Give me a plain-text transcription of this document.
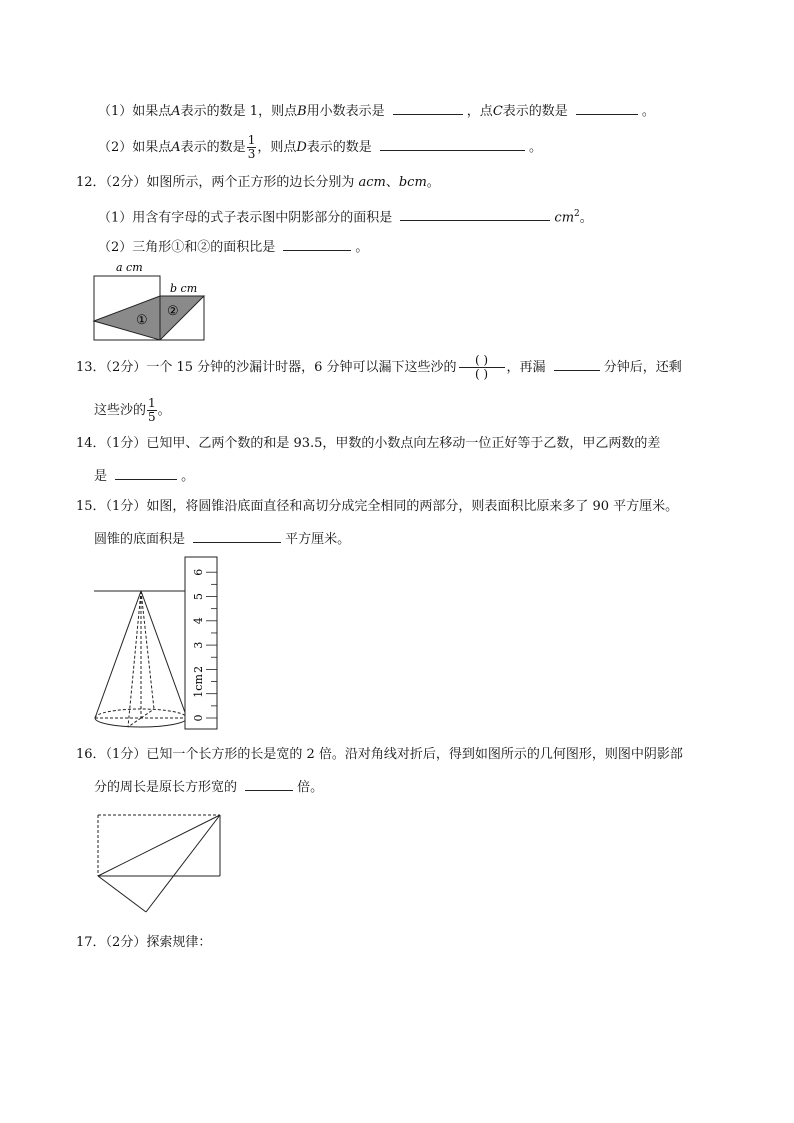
（1）如果点A表示的数是 1，则点B用小数表示是	，点C表示的数是	。
（2）如果点A表示的数是 $\frac{1}{3}$ ，则点D表示的数是	。
12．（2分）如图所示，两个正方形的边长分别为 acm、bcm。
（1）用含有字母的式子表示图中阴影部分的面积是	$cm^2$。
（2）三角形①和②的面积比是	。
a cm
b cm
①
②
13．（2分）一个 15 分钟的沙漏计时器，6 分钟可以漏下这些沙的	( )
( )	，再漏	分钟后，还剩
这些沙的 $\frac{1}{5}$ 。
14．（1分）已知甲、乙两个数的和是 93.5，甲数的小数点向左移动一位正好等于乙数，甲乙两数的差
是	。
15．（1分）如图，将圆锥沿底面直径和高切分成完全相同的两部分，则表面积比原来多了 90 平方厘米。
圆锥的底面积是	平方厘米。
0
1cm
2
3
4
5
6
16．（1分）已知一个长方形的长是宽的 2 倍。沿对角线对折后，得到如图所示的几何图形，则图中阴影部
分的周长是原长方形宽的	倍。
17．（2分）探索规律：
